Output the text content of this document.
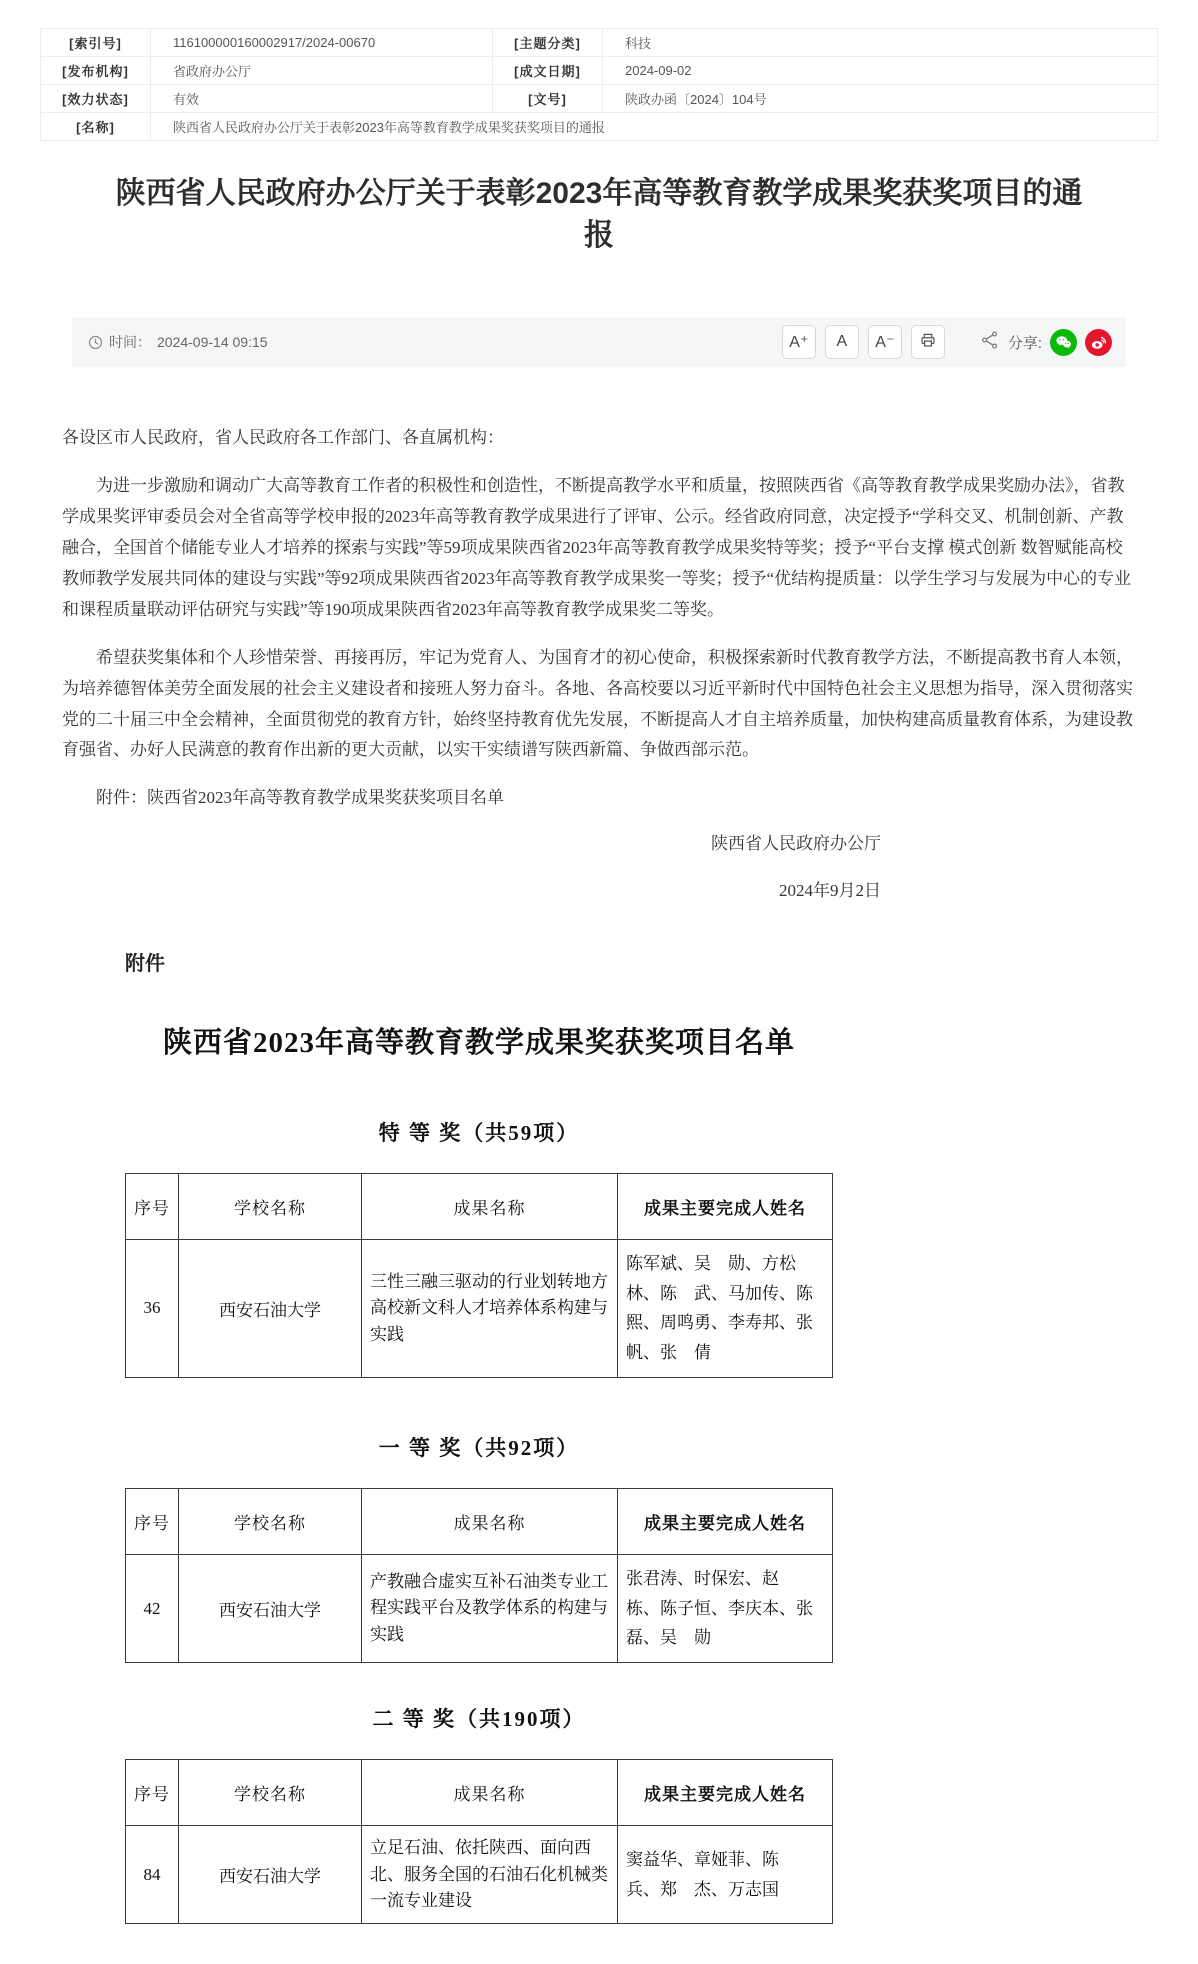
[索引号]	116100000160002917/2024-00670	[主题分类]	科技
[发布机构]	省政府办公厅	[成文日期]	2024-09-02
[效力状态]	有效	[文号]	陕政办函〔2024〕104号
[名称]	陕西省人民政府办公厅关于表彰2023年高等教育教学成果奖获奖项目的通报		
陕西省人民政府办公厅关于表彰2023年高等教育教学成果奖获奖项目的通报
时间： 2024-09-14 09:15	A⁺	A	A⁻	分享:

各设区市人民政府，省人民政府各工作部门、各直属机构：

为进一步激励和调动广大高等教育工作者的积极性和创造性，不断提高教学水平和质量，按照陕西省《高等教育教学成果奖励办法》，省教学成果奖评审委员会对全省高等学校申报的2023年高等教育教学成果进行了评审、公示。经省政府同意，决定授予“学科交叉、机制创新、产教融合，全国首个储能专业人才培养的探索与实践”等59项成果陕西省2023年高等教育教学成果奖特等奖；授予“平台支撑 模式创新 数智赋能高校教师教学发展共同体的建设与实践”等92项成果陕西省2023年高等教育教学成果奖一等奖；授予“优结构提质量：以学生学习与发展为中心的专业和课程质量联动评估研究与实践”等190项成果陕西省2023年高等教育教学成果奖二等奖。

希望获奖集体和个人珍惜荣誉、再接再厉，牢记为党育人、为国育才的初心使命，积极探索新时代教育教学方法，不断提高教书育人本领，为培养德智体美劳全面发展的社会主义建设者和接班人努力奋斗。各地、各高校要以习近平新时代中国特色社会主义思想为指导，深入贯彻落实党的二十届三中全会精神，全面贯彻党的教育方针，始终坚持教育优先发展，不断提高人才自主培养质量，加快构建高质量教育体系，为建设教育强省、办好人民满意的教育作出新的更大贡献，以实干实绩谱写陕西新篇、争做西部示范。

附件：陕西省2023年高等教育教学成果奖获奖项目名单

陕西省人民政府办公厅
2024年9月2日
附件
陕西省2023年高等教育教学成果奖获奖项目名单
特 等 奖（共59项）
序号	学校名称	成果名称	成果主要完成人姓名
36	西安石油大学	三性三融三驱动的行业划转地方高校新文科人才培养体系构建与实践	陈军斌、吴　勋、方松林、陈　武、马加传、陈　熙、周鸣勇、李寿邦、张　帆、张　倩
一 等 奖（共92项）
序号	学校名称	成果名称	成果主要完成人姓名
42	西安石油大学	产教融合虚实互补石油类专业工程实践平台及教学体系的构建与实践	张君涛、时保宏、赵　栋、陈子恒、李庆本、张　磊、吴　勋
二 等 奖（共190项）
序号	学校名称	成果名称	成果主要完成人姓名
84	西安石油大学	立足石油、依托陕西、面向西北、服务全国的石油石化机械类一流专业建设	窦益华、章娅菲、陈　兵、郑　杰、万志国
